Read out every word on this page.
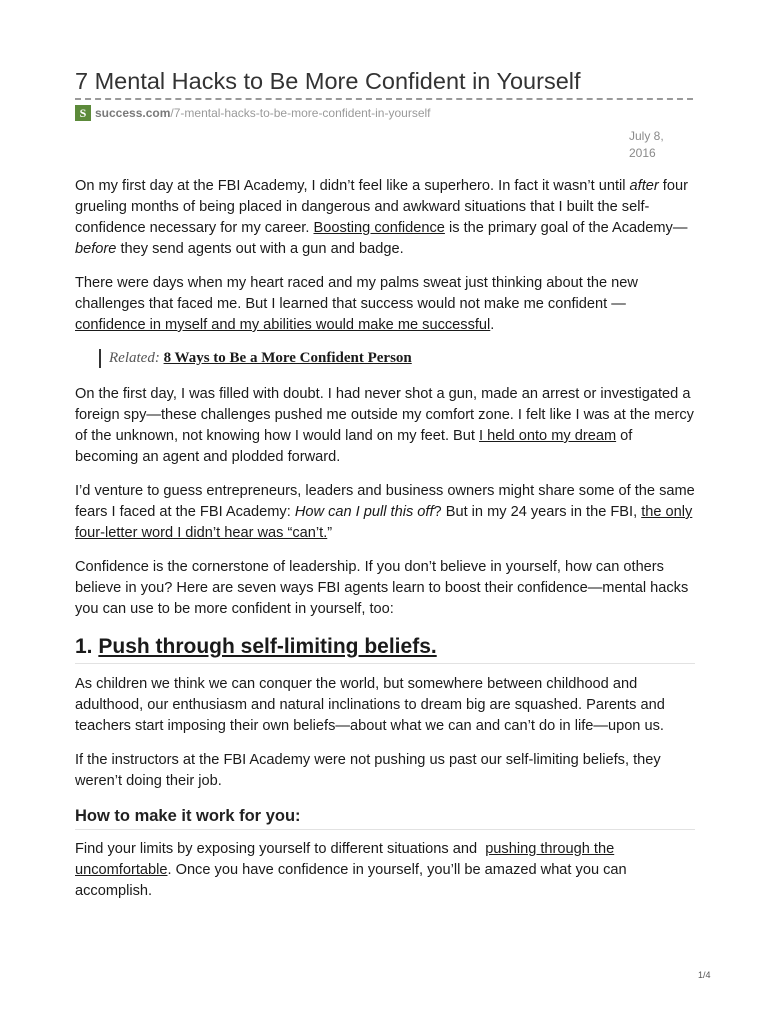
7 Mental Hacks to Be More Confident in Yourself
S success.com /7-mental-hacks-to-be-more-confident-in-yourself
July 8,
2016

On my first day at the FBI Academy, I didn’t feel like a superhero. In fact it wasn’t until after four grueling months of being placed in dangerous and awkward situations that I built the self-confidence necessary for my career. Boosting confidence is the primary goal of the Academy—before they send agents out with a gun and badge.

There were days when my heart raced and my palms sweat just thinking about the new challenges that faced me. But I learned that success would not make me confident —confidence in myself and my abilities would make me successful.

Related: 8 Ways to Be a More Confident Person

On the first day, I was filled with doubt. I had never shot a gun, made an arrest or investigated a foreign spy—these challenges pushed me outside my comfort zone. I felt like I was at the mercy of the unknown, not knowing how I would land on my feet. But I held onto my dream of becoming an agent and plodded forward.

I’d venture to guess entrepreneurs, leaders and business owners might share some of the same fears I faced at the FBI Academy: How can I pull this off? But in my 24 years in the FBI, the only four-letter word I didn’t hear was “can’t.”

Confidence is the cornerstone of leadership. If you don’t believe in yourself, how can others believe in you? Here are seven ways FBI agents learn to boost their confidence—mental hacks you can use to be more confident in yourself, too:

1. Push through self-limiting beliefs.

As children we think we can conquer the world, but somewhere between childhood and adulthood, our enthusiasm and natural inclinations to dream big are squashed. Parents and teachers start imposing their own beliefs—about what we can and can’t do in life—upon us.

If the instructors at the FBI Academy were not pushing us past our self-limiting beliefs, they weren’t doing their job.

How to make it work for you:

Find your limits by exposing yourself to different situations and  pushing through the uncomfortable. Once you have confidence in yourself, you’ll be amazed what you can accomplish.

1/4
